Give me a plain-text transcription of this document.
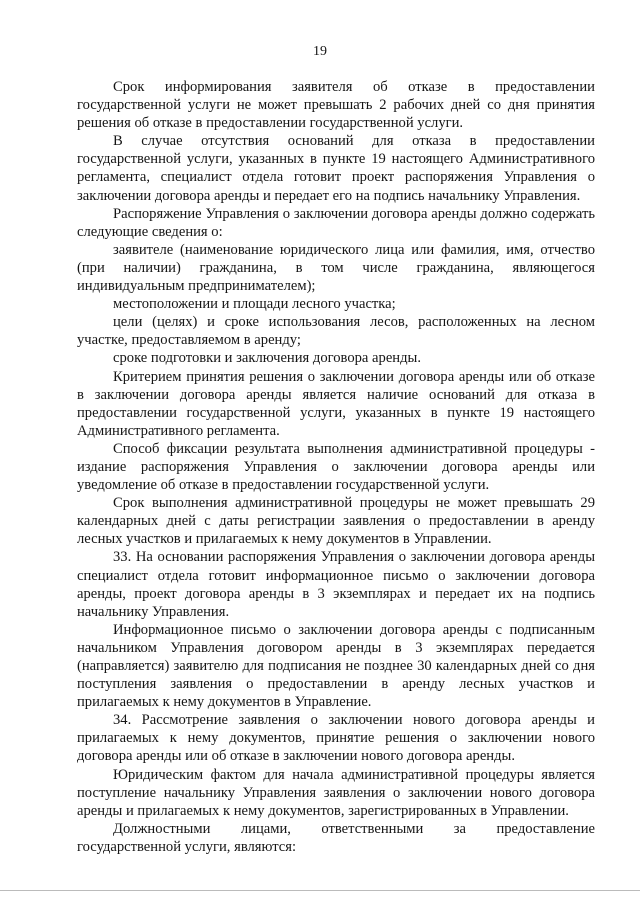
19

Срок информирования заявителя об отказе в предоставлении государственной услуги не может превышать 2 рабочих дней со дня принятия решения об отказе в предоставлении государственной услуги.

В случае отсутствия оснований для отказа в предоставлении государственной услуги, указанных в пункте 19 настоящего Административного регламента, специалист отдела готовит проект распоряжения Управления о заключении договора аренды и передает его на подпись начальнику Управления.

Распоряжение Управления о заключении договора аренды должно содержать следующие сведения о:

заявителе (наименование юридического лица или фамилия, имя, отчество (при наличии) гражданина, в том числе гражданина, являющегося индивидуальным предпринимателем);

местоположении и площади лесного участка;

цели (целях) и сроке использования лесов, расположенных на лесном участке, предоставляемом в аренду;

сроке подготовки и заключения договора аренды.

Критерием принятия решения о заключении договора аренды или об отказе в заключении договора аренды является наличие оснований для отказа в предоставлении государственной услуги, указанных в пункте 19 настоящего Административного регламента.

Способ фиксации результата выполнения административной процедуры - издание распоряжения Управления о заключении договора аренды или уведомление об отказе в предоставлении государственной услуги.

Срок выполнения административной процедуры не может превышать 29 календарных дней с даты регистрации заявления о предоставлении в аренду лесных участков и прилагаемых к нему документов в Управлении.

33. На основании распоряжения Управления о заключении договора аренды специалист отдела готовит информационное письмо о заключении договора аренды, проект договора аренды в 3 экземплярах и передает их на подпись начальнику Управления.

Информационное письмо о заключении договора аренды с подписанным начальником Управления договором аренды в 3 экземплярах передается (направляется) заявителю для подписания не позднее 30 календарных дней со дня поступления заявления о предоставлении в аренду лесных участков и прилагаемых к нему документов в Управление.

34. Рассмотрение заявления о заключении нового договора аренды и прилагаемых к нему документов, принятие решения о заключении нового договора аренды или об отказе в заключении нового договора аренды.

Юридическим фактом для начала административной процедуры является поступление начальнику Управления заявления о заключении нового договора аренды и прилагаемых к нему документов, зарегистрированных в Управлении.

Должностными лицами, ответственными за предоставление государственной услуги, являются:
